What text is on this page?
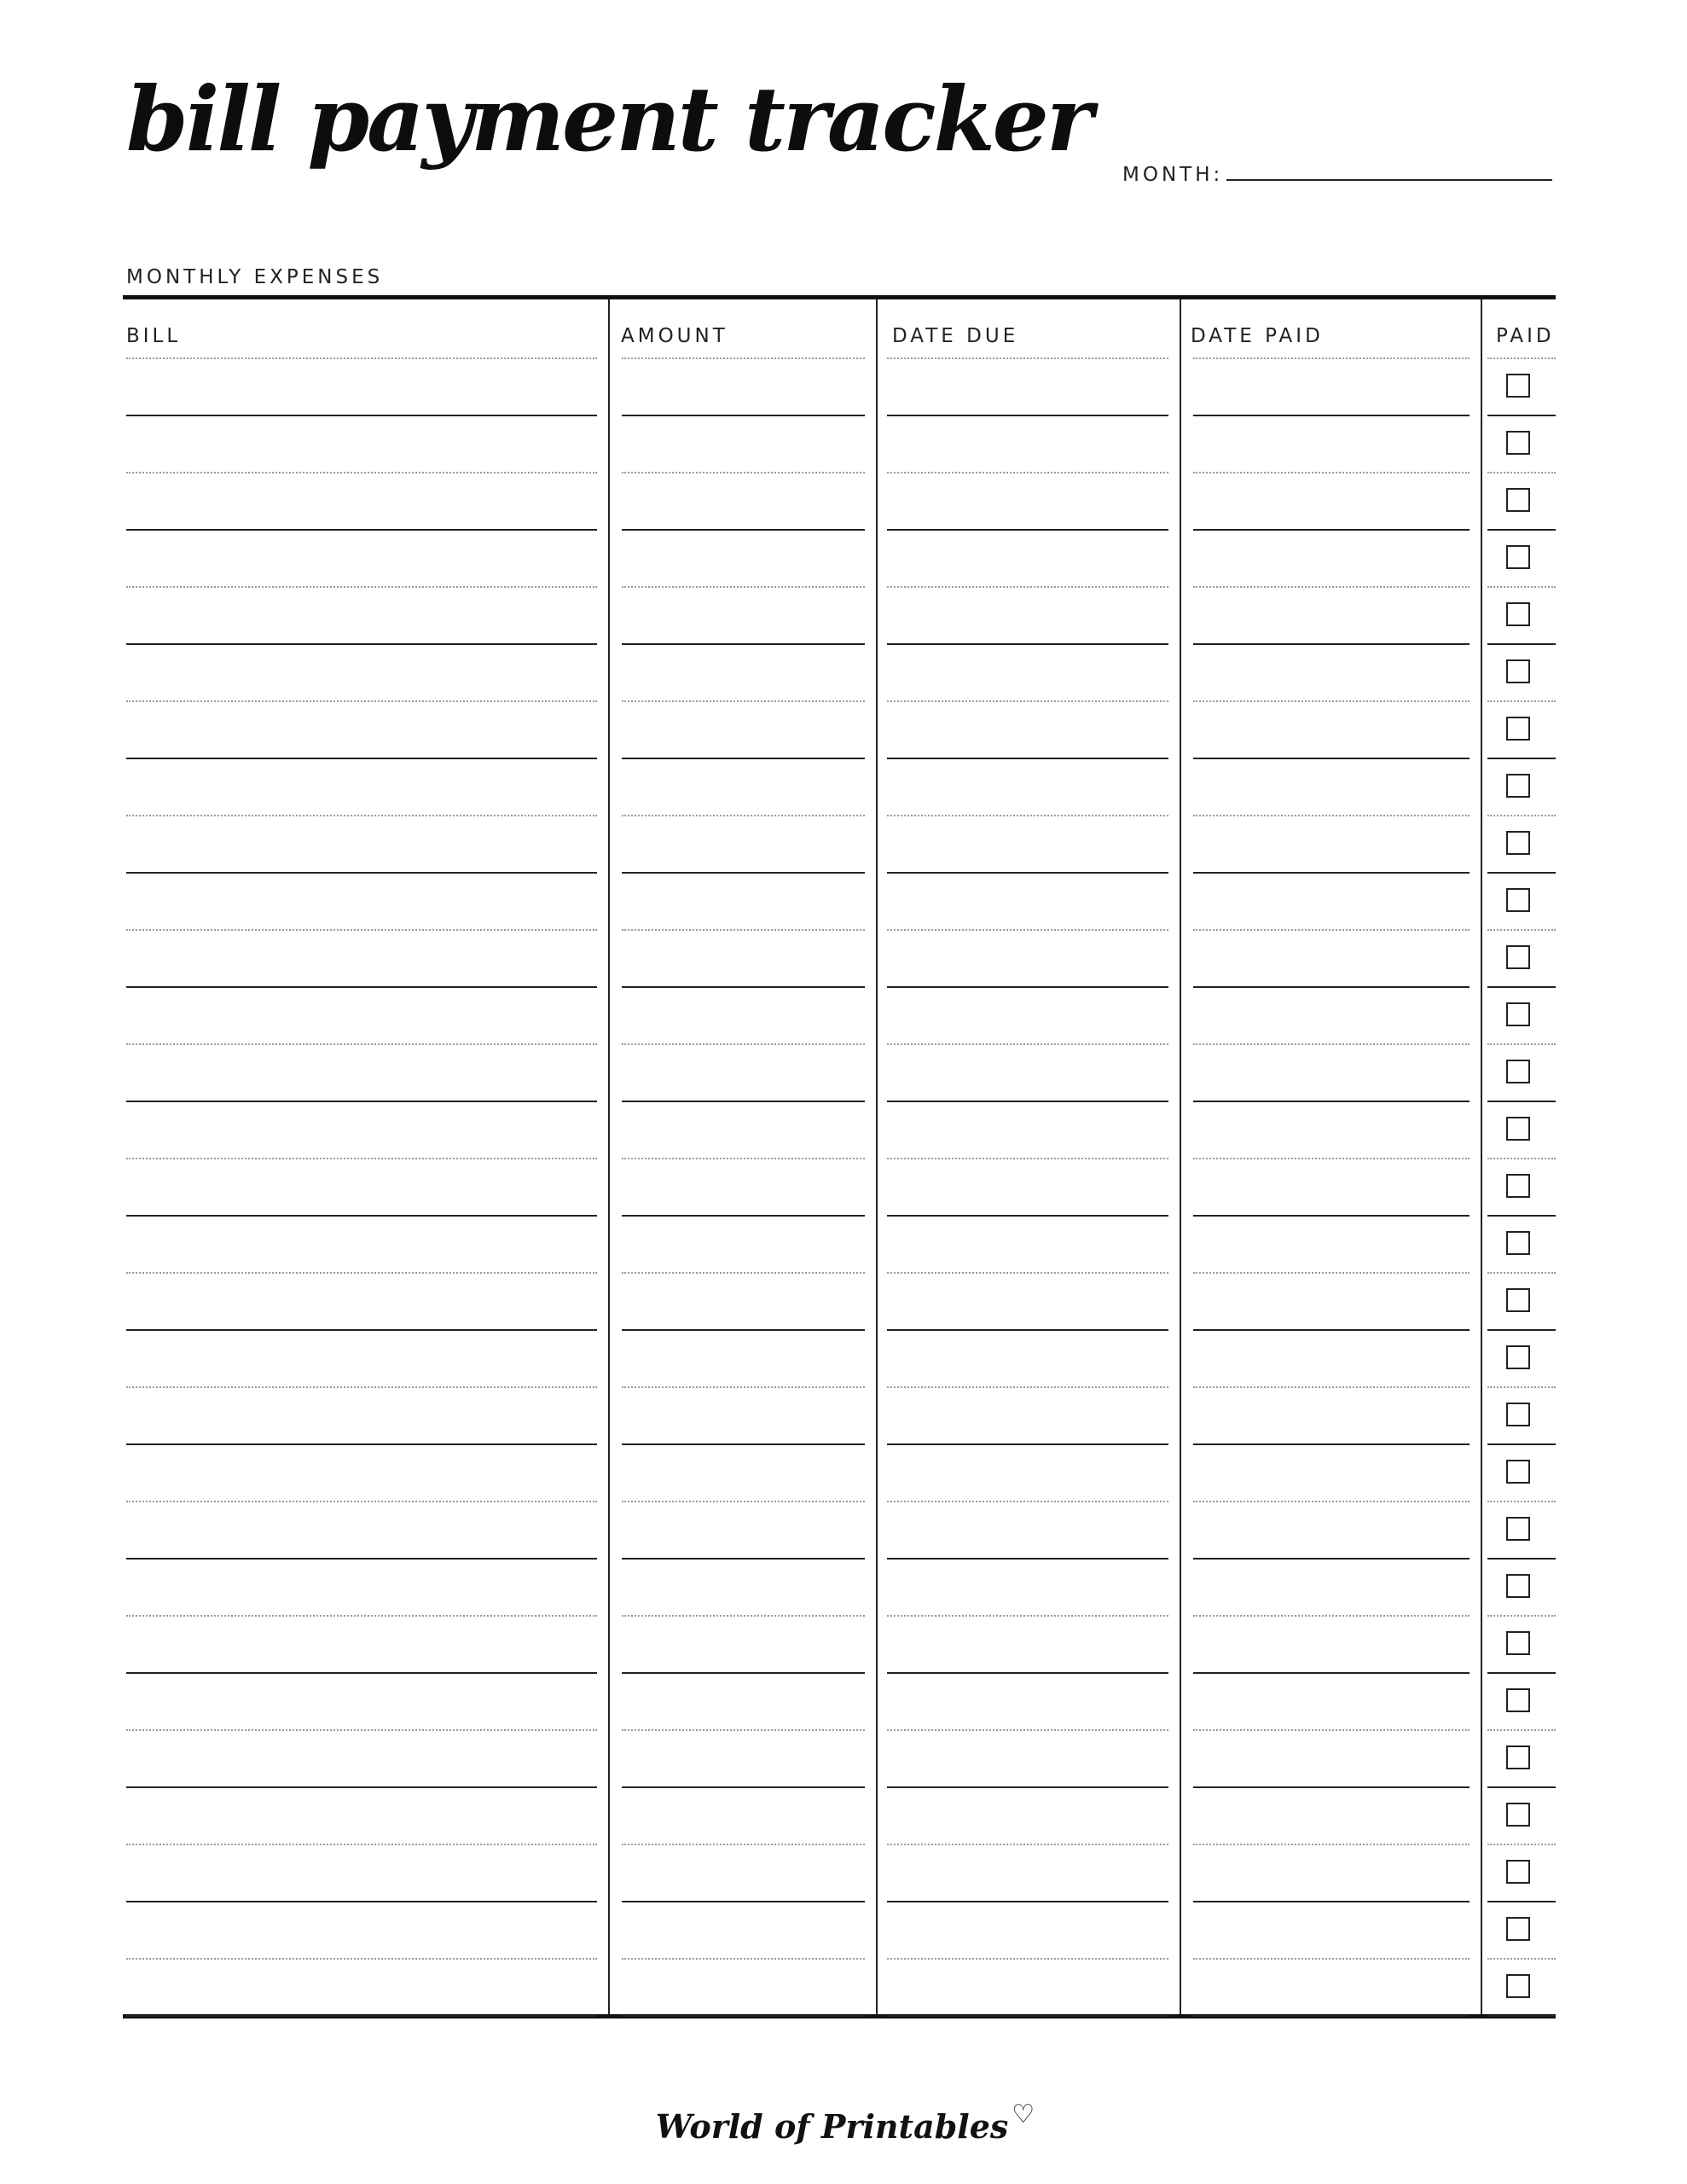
bill payment tracker
MONTH:
MONTHLY EXPENSES
BILL	AMOUNT	DATE DUE	DATE PAID	PAID
World of Printables ♡
